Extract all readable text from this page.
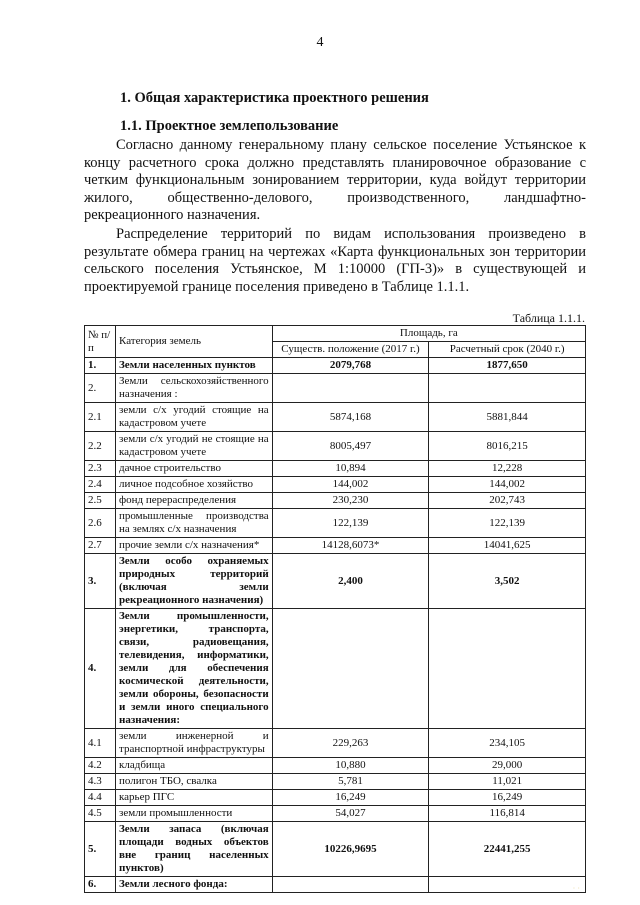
4
1. Общая характеристика проектного решения
1.1. Проектное землепользование
Согласно данному генеральному плану сельское поселение Устьянское к концу расчетного срока должно представлять планировочное образование с четким функциональным зонированием территории, куда войдут территории жилого, общественно-делового, производственного, ландшафтно-рекреационного назначения.
Распределение территорий по видам использования произведено в результате обмера границ на чертежах «Карта функциональных зон территории сельского поселения Устьянское, М 1:10000 (ГП-3)» в существующей и проектируемой границе поселения приведено в Таблице 1.1.1.
Таблица 1.1.1.
№ п/п	Категория земель	Площадь, га	
		Существ. положение (2017 г.)	Расчетный срок (2040 г.)
1.	Земли населенных пунктов	2079,768	1877,650
2.	Земли сельскохозяйственного назначения :		
2.1	земли с/х угодий стоящие на кадастровом учете	5874,168	5881,844
2.2	земли с/х угодий не стоящие на кадастровом учете	8005,497	8016,215
2.3	дачное строительство	10,894	12,228
2.4	личное подсобное хозяйство	144,002	144,002
2.5	фонд перераспределения	230,230	202,743
2.6	промышленные производства на землях с/х назначения	122,139	122,139
2.7	прочие земли с/х назначения*	14128,6073*	14041,625
3.	Земли особо охраняемых природных территорий (включая земли рекреационного назначения)	2,400	3,502
4.	Земли промышленности, энергетики, транспорта, связи, радиовещания, телевидения, информатики, земли для обеспечения космической деятельности, земли обороны, безопасности и земли иного специального назначения:		
4.1	земли инженерной и транспортной инфраструктуры	229,263	234,105
4.2	кладбища	10,880	29,000
4.3	полигон ТБО, свалка	5,781	11,021
4.4	карьер ПГС	16,249	16,249
4.5	земли промышленности	54,027	116,814
5.	Земли запаса (включая площади водных объектов вне границ населенных пунктов)	10226,9695	22441,255
6.	Земли лесного фонда:			· ·
